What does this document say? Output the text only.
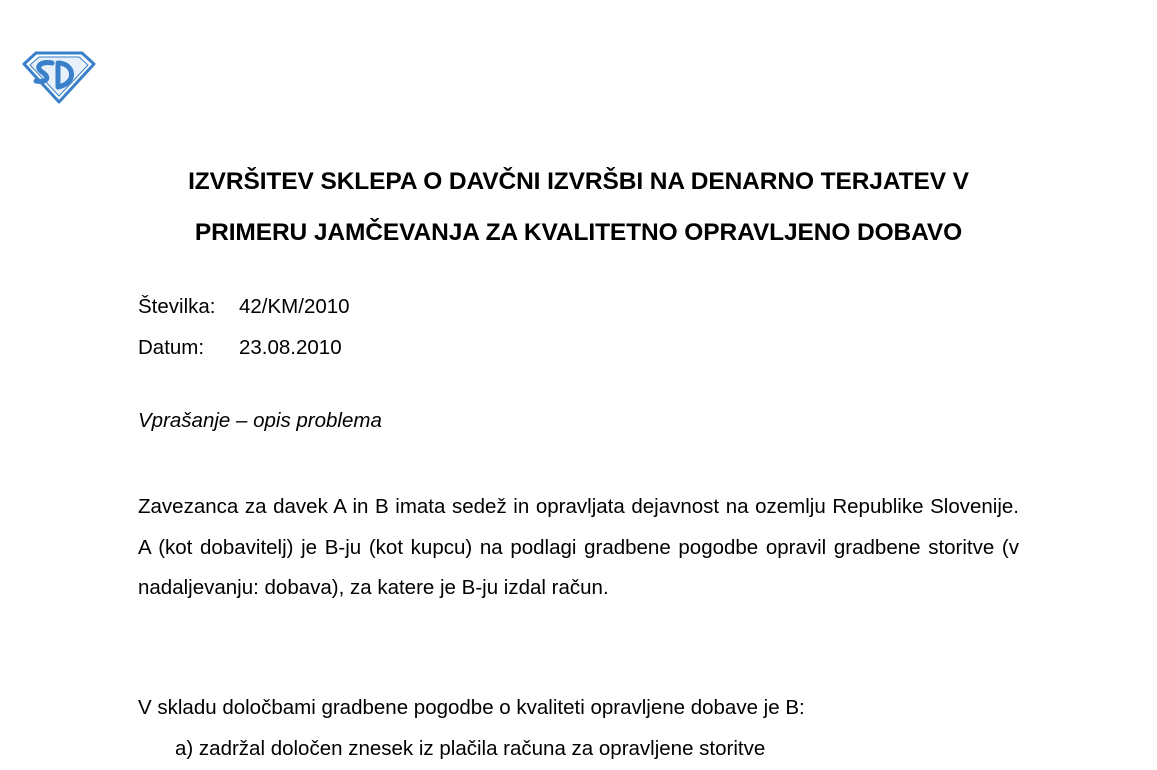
IZVRŠITEV SKLEPA O DAVČNI IZVRŠBI NA DENARNO TERJATEV V
PRIMERU JAMČEVANJA ZA KVALITETNO OPRAVLJENO DOBAVO
Številka:	42/KM/2010
Datum:	23.08.2010
Vprašanje – opis problema
Zavezanca za davek A in B imata sedež in opravljata dejavnost na ozemlju Republike Slovenije. A (kot dobavitelj) je B-ju (kot kupcu) na podlagi gradbene pogodbe opravil gradbene storitve (v nadaljevanju: dobava), za katere je B-ju izdal račun.
V skladu določbami gradbene pogodbe o kvaliteti opravljene dobave je B:
a) zadržal določen znesek iz plačila računa za opravljene storitve
